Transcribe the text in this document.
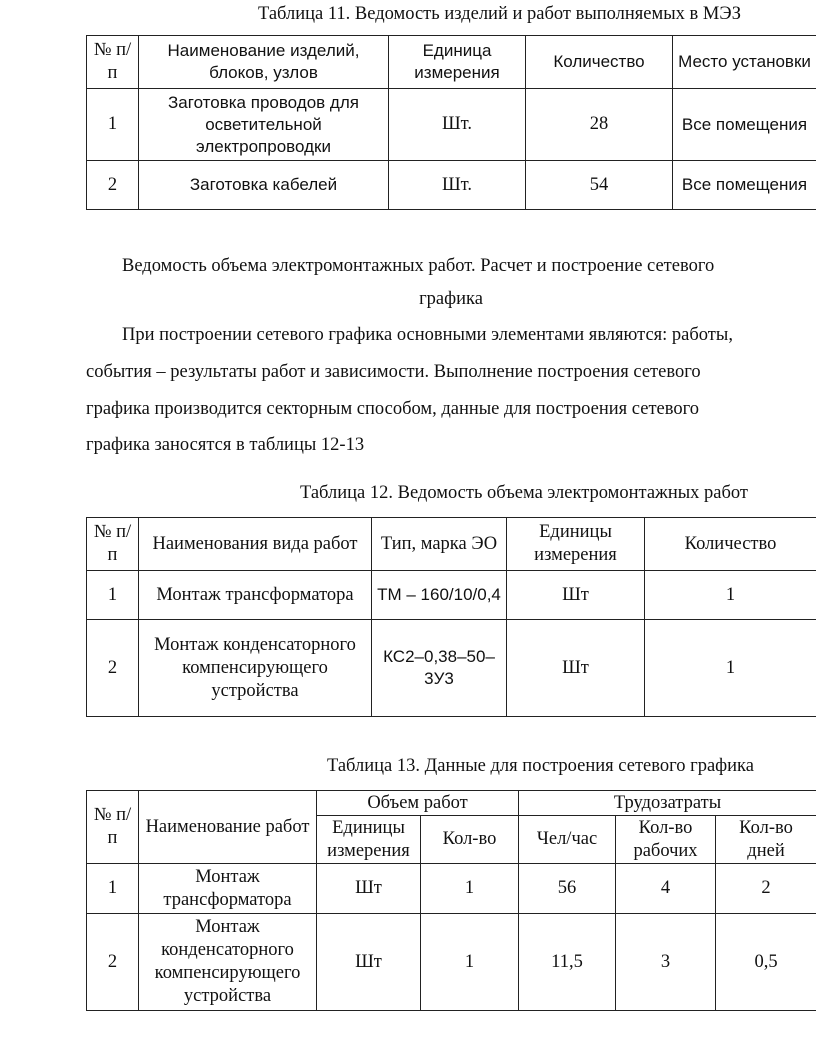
Таблица 11. Ведомость изделий и работ выполняемых в МЭЗ
№ п/п	Наименование изделий, блоков, узлов	Единица измерения	Количество	Место установки
1	Заготовка проводов для осветительной электропроводки	Шт.	28	Все помещения
2	Заготовка кабелей	Шт.	54	Все помещения
Ведомость объема электромонтажных работ. Расчет и построение сетевого
графика
При построении сетевого графика основными элементами являются: работы,
события – результаты работ и зависимости. Выполнение построения сетевого
графика производится секторным способом, данные для построения сетевого
графика заносятся в таблицы 12-13
Таблица 12. Ведомость объема электромонтажных работ
№ п/п	Наименования вида работ	Тип, марка ЭО	Единицы измерения	Количество
1	Монтаж трансформатора	ТМ – 160/10/0,4	Шт	1
2	Монтаж конденсаторного компенсирующего устройства	КС2–0,38–50–3У3	Шт	1
Таблица 13. Данные для построения сетевого графика
№ п/п	Наименование работ	Объем работ		Трудозатраты		
		Единицы измерения	Кол-во	Чел/час	Кол-во рабочих	Кол-во дней
1	Монтаж трансформатора	Шт	1	56	4	2
2	Монтаж конденсаторного компенсирующего устройства	Шт	1	11,5	3	0,5
